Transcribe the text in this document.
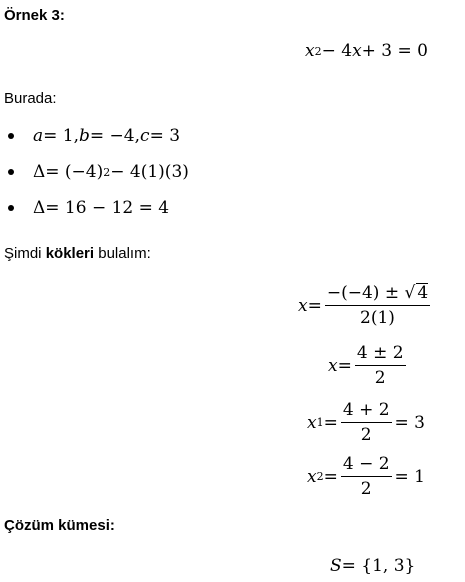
Örnek 3:

x 2 − 4 x + 3 = 0

Burada:

a = 1, b = −4, c = 3
Δ = (−4) 2 − 4(1)(3)
Δ = 16 − 12 = 4

Şimdi kökleri bulalım:

$x = \frac{-(-4) \pm √ 4}{2(1)}$
$x = \frac{4 \pm 2}{2}$
x $1 = \frac{4 + 2}{2} = 3$
x $2 = \frac{4 - 2}{2} = 1$

Çözüm kümesi:

S = {1, 3}
